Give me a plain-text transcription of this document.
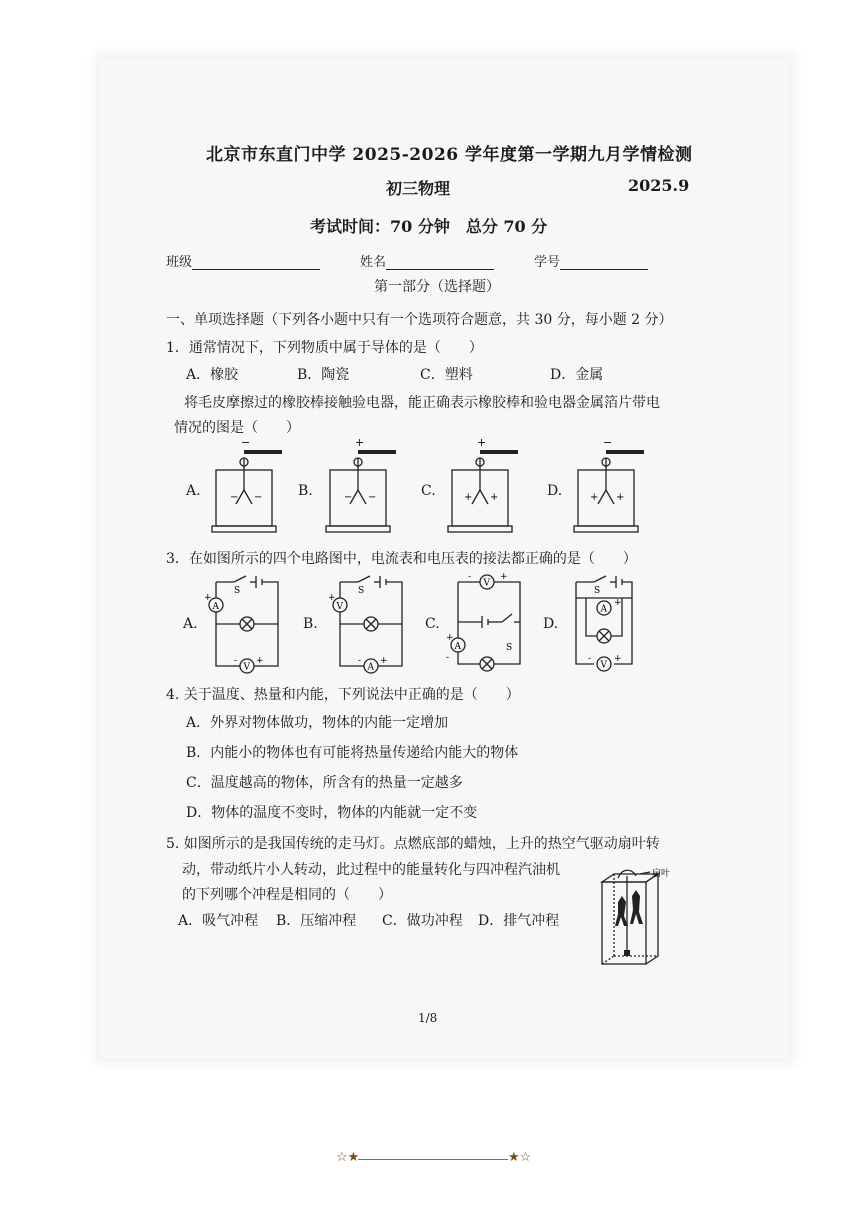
北京市东直门中学 2025-2026 学年度第一学期九月学情检测
初三物理	2025.9
考试时间：70 分钟 总分 70 分
班级	姓名	学号
第一部分（选择题）
一、单项选择题（下列各小题中只有一个选项符合题意，共 30 分，每小题 2 分）
1．通常情况下，下列物质中属于导体的是（　　）
A．橡胶	B．陶瓷	C．塑料	D．金属
将毛皮摩擦过的橡胶棒接触验电器，能正确表示橡胶棒和验电器金属箔片带电
情况的图是（　　）
A.	B.	C.	D.
−
− −
+
− −
+
+ +
−
+ +
3．在如图所示的四个电路图中，电流表和电压表的接法都正确的是（　　）
A.	B.	C.	D.
A
V
S
+
- +
V
A
S
+
- +
V
A	S
-	+
+
-
V
A
S
-	+
+
4. 关于温度、热量和内能，下列说法中正确的是（　　）
A．外界对物体做功，物体的内能一定增加
B．内能小的物体也有可能将热量传递给内能大的物体
C．温度越高的物体，所含有的热量一定越多
D．物体的温度不变时，物体的内能就一定不变
5. 如图所示的是我国传统的走马灯。点燃底部的蜡烛，上升的热空气驱动扇叶转
动，带动纸片小人转动，此过程中的能量转化与四冲程汽油机
的下列哪个冲程是相同的（　　）
A．吸气冲程 B．压缩冲程 C．做功冲程 D．排气冲程
扇叶
1/8
☆★	★☆
